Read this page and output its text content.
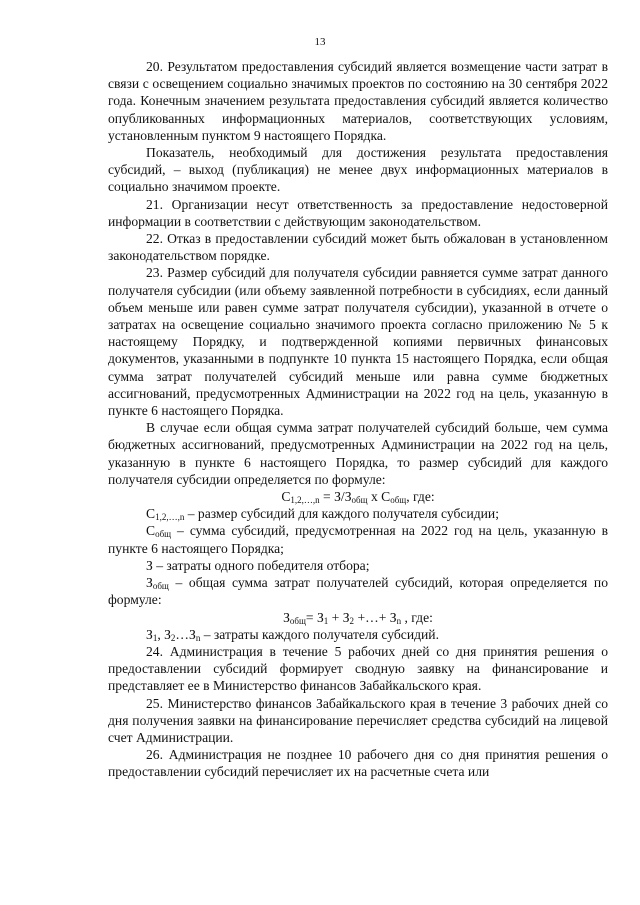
13

20. Результатом предоставления субсидий является возмещение части затрат в связи с освещением социально значимых проектов по состоянию на 30 сентября 2022 года. Конечным значением результата предоставления субсидий является количество опубликованных информационных материалов, соответствующих условиям, установленным пунктом 9 настоящего Порядка.

Показатель, необходимый для достижения результата предоставления субсидий, – выход (публикация) не менее двух информационных материалов в социально значимом проекте.

21. Организации несут ответственность за предоставление недостоверной информации в соответствии с действующим законодательством.

22. Отказ в предоставлении субсидий может быть обжалован в установленном законодательством порядке.

23. Размер субсидий для получателя субсидии равняется сумме затрат данного получателя субсидии (или объему заявленной потребности в субсидиях, если данный объем меньше или равен сумме затрат получателя субсидии), указанной в отчете о затратах на освещение социально значимого проекта согласно приложению № 5 к настоящему Порядку, и подтвержденной копиями первичных финансовых документов, указанными в подпункте 10 пункта 15 настоящего Порядка, если общая сумма затрат получателей субсидий меньше или равна сумме бюджетных ассигнований, предусмотренных Администрации на 2022 год на цель, указанную в пункте 6 настоящего Порядка.

В случае если общая сумма затрат получателей субсидий больше, чем сумма бюджетных ассигнований, предусмотренных Администрации на 2022 год на цель, указанную в пункте 6 настоящего Порядка, то размер субсидий для каждого получателя субсидии определяется по формуле:

$С_{1,2,\dots,n} = З/З_{общ}$ х $С_{общ}$, где:

$С_{1,2,\dots,n}$ – размер субсидий для каждого получателя субсидии;

$С_{общ}$ – сумма субсидий, предусмотренная на 2022 год на цель, указанную в пункте 6 настоящего Порядка;

З – затраты одного победителя отбора;

$З_{общ}$ – общая сумма затрат получателей субсидий, которая определяется по формуле:

$З_{общ}= З_1 + З_2$ +…+ $З_n$ , где:

$З_1$, $З_2\dots З_n$ – затраты каждого получателя субсидий.

24. Администрация в течение 5 рабочих дней со дня принятия решения о предоставлении субсидий формирует сводную заявку на финансирование и представляет ее в Министерство финансов Забайкальского края.

25. Министерство финансов Забайкальского края в течение 3 рабочих дней со дня получения заявки на финансирование перечисляет средства субсидий на лицевой счет Администрации.

26. Администрация не позднее 10 рабочего дня со дня принятия решения о предоставлении субсидий перечисляет их на расчетные счета или
